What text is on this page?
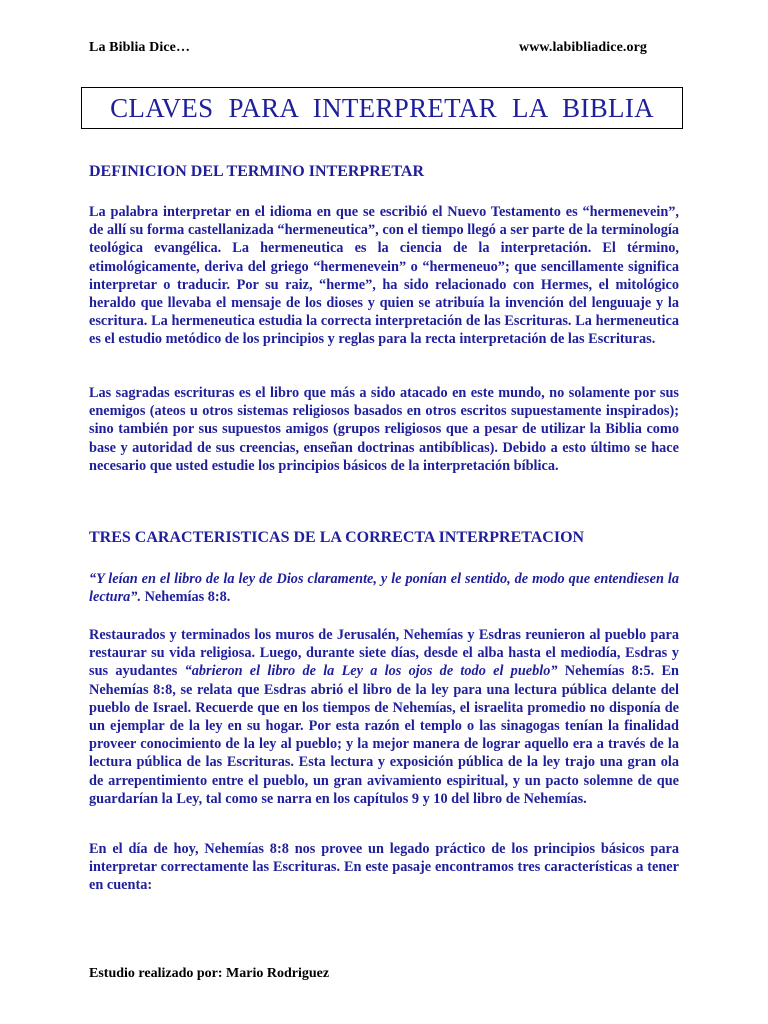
La Biblia Dice…	www.labibliadice.org
CLAVES PARA INTERPRETAR LA BIBLIA
DEFINICION DEL TERMINO INTERPRETAR
La palabra interpretar en el idioma en que se escribió el Nuevo Testamento es “hermenevein”, de allí su forma castellanizada “hermeneutica”, con el tiempo llegó a ser parte de la terminología teológica evangélica. La hermeneutica es la ciencia de la interpretación. El término, etimológicamente, deriva del griego “hermenevein” o “hermeneuo”; que sencillamente significa interpretar o traducir. Por su raiz, “herme”, ha sido relacionado con Hermes, el mitológico heraldo que llevaba el mensaje de los dioses y quien se atribuía la invención del lenguuaje y la escritura. La hermeneutica estudia la correcta interpretación de las Escrituras. La hermeneutica es el estudio metódico de los principios y reglas para la recta interpretación de las Escrituras.
Las sagradas escrituras es el libro que más a sido atacado en este mundo, no solamente por sus enemigos (ateos u otros sistemas religiosos basados en otros escritos supuestamente inspirados); sino también por sus supuestos amigos (grupos religiosos que a pesar de utilizar la Biblia como base y autoridad de sus creencias, enseñan doctrinas antibíblicas). Debido a esto último se hace necesario que usted estudie los principios básicos de la interpretación bíblica.
TRES CARACTERISTICAS DE LA CORRECTA INTERPRETACION
“Y leían en el libro de la ley de Dios claramente, y le ponían el sentido, de modo que entendiesen la lectura”. Nehemías 8:8.
Restaurados y terminados los muros de Jerusalén, Nehemías y Esdras reunieron al pueblo para restaurar su vida religiosa. Luego, durante siete días, desde el alba hasta el mediodía, Esdras y sus ayudantes “abrieron el libro de la Ley a los ojos de todo el pueblo” Nehemías 8:5. En Nehemías 8:8, se relata que Esdras abrió el libro de la ley para una lectura pública delante del pueblo de Israel. Recuerde que en los tiempos de Nehemías, el israelita promedio no disponía de un ejemplar de la ley en su hogar. Por esta razón el templo o las sinagogas tenían la finalidad proveer conocimiento de la ley al pueblo; y la mejor manera de lograr aquello era a través de la lectura pública de las Escrituras. Esta lectura y exposición pública de la ley trajo una gran ola de arrepentimiento entre el pueblo, un gran avivamiento espiritual, y un pacto solemne de que guardarían la Ley, tal como se narra en los capítulos 9 y 10 del libro de Nehemías.
En el día de hoy, Nehemías 8:8 nos provee un legado práctico de los principios básicos para interpretar correctamente las Escrituras. En este pasaje encontramos tres características a tener en cuenta:
Estudio realizado por: Mario Rodriguez
